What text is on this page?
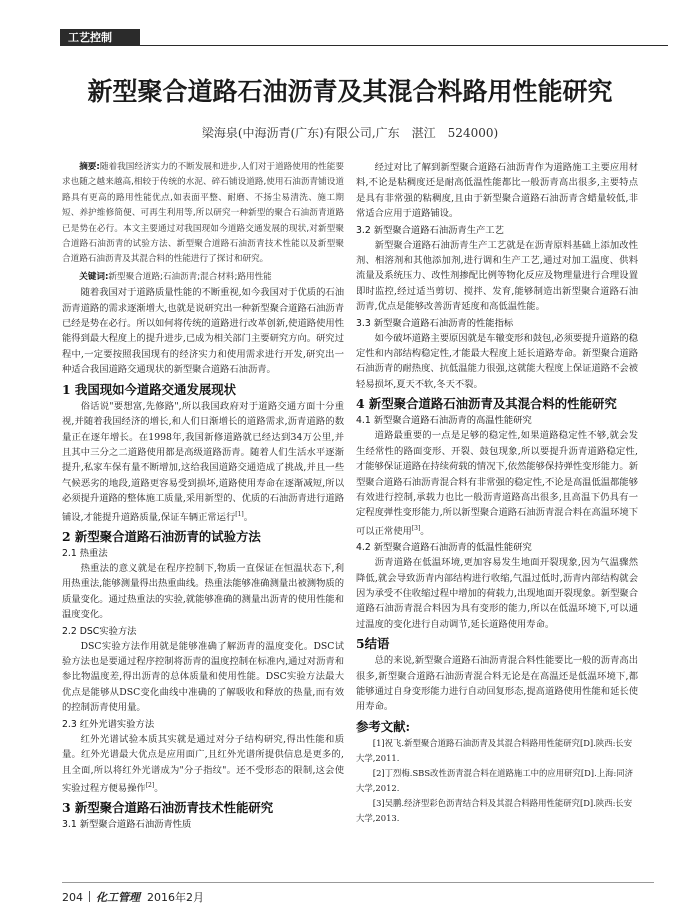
工艺控制
新型聚合道路石油沥青及其混合料路用性能研究
梁海泉(中海沥青(广东)有限公司,广东　湛江　524000)

摘要:随着我国经济实力的不断发展和进步,人们对于道路使用的性能要求也随之越来越高,相较于传统的水泥、碎石铺设道路,使用石油沥青铺设道路具有更高的路用性能优点,如表面平整、耐磨、不扬尘易清洗、施工期短、养护维修简便、可再生利用等,所以研究一种新型的聚合石油沥青道路已是势在必行。本文主要通过对我国现如今道路交通发展的现状,对新型聚合道路石油沥青的试验方法、新型聚合道路石油沥青技术性能以及新型聚合道路石油沥青及其混合料的性能进行了探讨和研究。

关键词:新型聚合道路;石油沥青;混合材料;路用性能

随着我国对于道路质量性能的不断重视,如今我国对于优质的石油沥青道路的需求逐渐增大,也就是说研究出一种新型聚合道路石油沥青已经是势在必行。所以如何将传统的道路进行改革创新,使道路使用性能得到最大程度上的提升进步,已成为相关部门主要研究方向。研究过程中,一定要按照我国现有的经济实力和使用需求进行开发,研究出一种适合我国道路交通现状的新型聚合道路石油沥青。

1 我国现如今道路交通发展现状

俗话说"要想富,先修路",所以我国政府对于道路交通方面十分重视,并随着我国经济的增长,和人们日渐增长的道路需求,沥青道路的数量正在逐年增长。在1998年,我国新修道路就已经达到34万公里,并且其中三分之二道路使用都是高级道路沥青。随着人们生活水平逐渐提升,私家车保有量不断增加,这给我国道路交通造成了挑战,并且一些气候恶劣的地段,道路更容易受到损坏,道路使用寿命在逐渐减短,所以必须提升道路的整体施工质量,采用新型的、优质的石油沥青进行道路铺设,才能提升道路质量,保证车辆正常运行[1]。

2 新型聚合道路石油沥青的试验方法
2.1 热重法

热重法的意义就是在程序控制下,物质一直保证在恒温状态下,利用热重法,能够测量得出热重曲线。热重法能够准确测量出被测物质的质量变化。通过热重法的实验,就能够准确的测量出沥青的使用性能和温度变化。

2.2 DSC实验方法

DSC实验方法作用就是能够准确了解沥青的温度变化。DSC试验方法也是要通过程序控制将沥青的温度控制在标准内,通过对沥青和参比物温度差,得出沥青的总体质量和使用性能。DSC实验方法最大优点是能够从DSC变化曲线中准确的了解吸收和释放的热量,而有效的控制沥青使用量。

2.3 红外光谱实验方法

红外光谱试验本质其实就是通过对分子结构研究,得出性能和质量。红外光谱最大优点是应用面广,且红外光谱所提供信息是更多的,且全面,所以将红外光谱成为"分子指纹"。还不受形态的限制,这会使实验过程方便易操作[2]。

3 新型聚合道路石油沥青技术性能研究
3.1 新型聚合道路石油沥青性质

经过对比了解到新型聚合道路石油沥青作为道路施工主要应用材料,不论是粘稠度还是耐高低温性能都比一般沥青高出很多,主要特点是具有非常强的粘稠度,且由于新型聚合道路石油沥青含蜡量较低,非常适合应用于道路铺设。

3.2 新型聚合道路石油沥青生产工艺

新型聚合道路石油沥青生产工艺就是在沥青原料基础上添加改性剂、相溶剂和其他添加剂,进行调和生产工艺,通过对加工温度、供料流量及系统压力、改性剂掺配比例等物化反应及物理量进行合理设置即时监控,经过适当剪切、搅拌、发育,能够制造出新型聚合道路石油沥青,优点是能够改善沥青延度和高低温性能。

3.3 新型聚合道路石油沥青的性能指标

如今破坏道路主要原因就是车辙变形和鼓包,必须要提升道路的稳定性和内部结构稳定性,才能最大程度上延长道路寿命。新型聚合道路石油沥青的耐热度、抗低温能力很强,这就能大程度上保证道路不会被轻易损坏,夏天不软,冬天不裂。

4 新型聚合道路石油沥青及其混合料的性能研究
4.1 新型聚合道路石油沥青的高温性能研究

道路最重要的一点是足够的稳定性,如果道路稳定性不够,就会发生经常性的路面变形、开裂、鼓包现象,所以要提升沥青道路稳定性,才能够保证道路在持续荷载的情况下,依然能够保持弹性变形能力。新型聚合道路石油沥青混合料有非常强的稳定性,不论是高温低温都能够有效进行控制,承载力也比一般沥青道路高出很多,且高温下仍具有一定程度弹性变形能力,所以新型聚合道路石油沥青混合料在高温环境下可以正常使用[3]。

4.2 新型聚合道路石油沥青的低温性能研究

沥青道路在低温环境,更加容易发生地面开裂现象,因为气温骤然降低,就会导致沥青内部结构进行收缩,气温过低时,沥青内部结构就会因为承受不住收缩过程中增加的荷载力,出现地面开裂现象。新型聚合道路石油沥青混合料因为具有变形的能力,所以在低温环境下,可以通过温度的变化进行自动调节,延长道路使用寿命。

5结语

总的来说,新型聚合道路石油沥青混合料性能要比一般的沥青高出很多,新型聚合道路石油沥青混合料无论是在高温还是低温环境下,都能够通过自身变形能力进行自动回复形态,提高道路使用性能和延长使用寿命。

参考文献:

[1]祝飞.新型聚合道路石油沥青及其混合料路用性能研究[D].陕西:长安大学,2011.

[2]丁烈梅.SBS改性沥青混合料在道路施工中的应用研究[D].上海:同济大学,2012.

[3]吴鹏.经济型彩色沥青结合料及其混合料路用性能研究[D].陕西:长安大学,2013.

204 化工管理 2016年2月
